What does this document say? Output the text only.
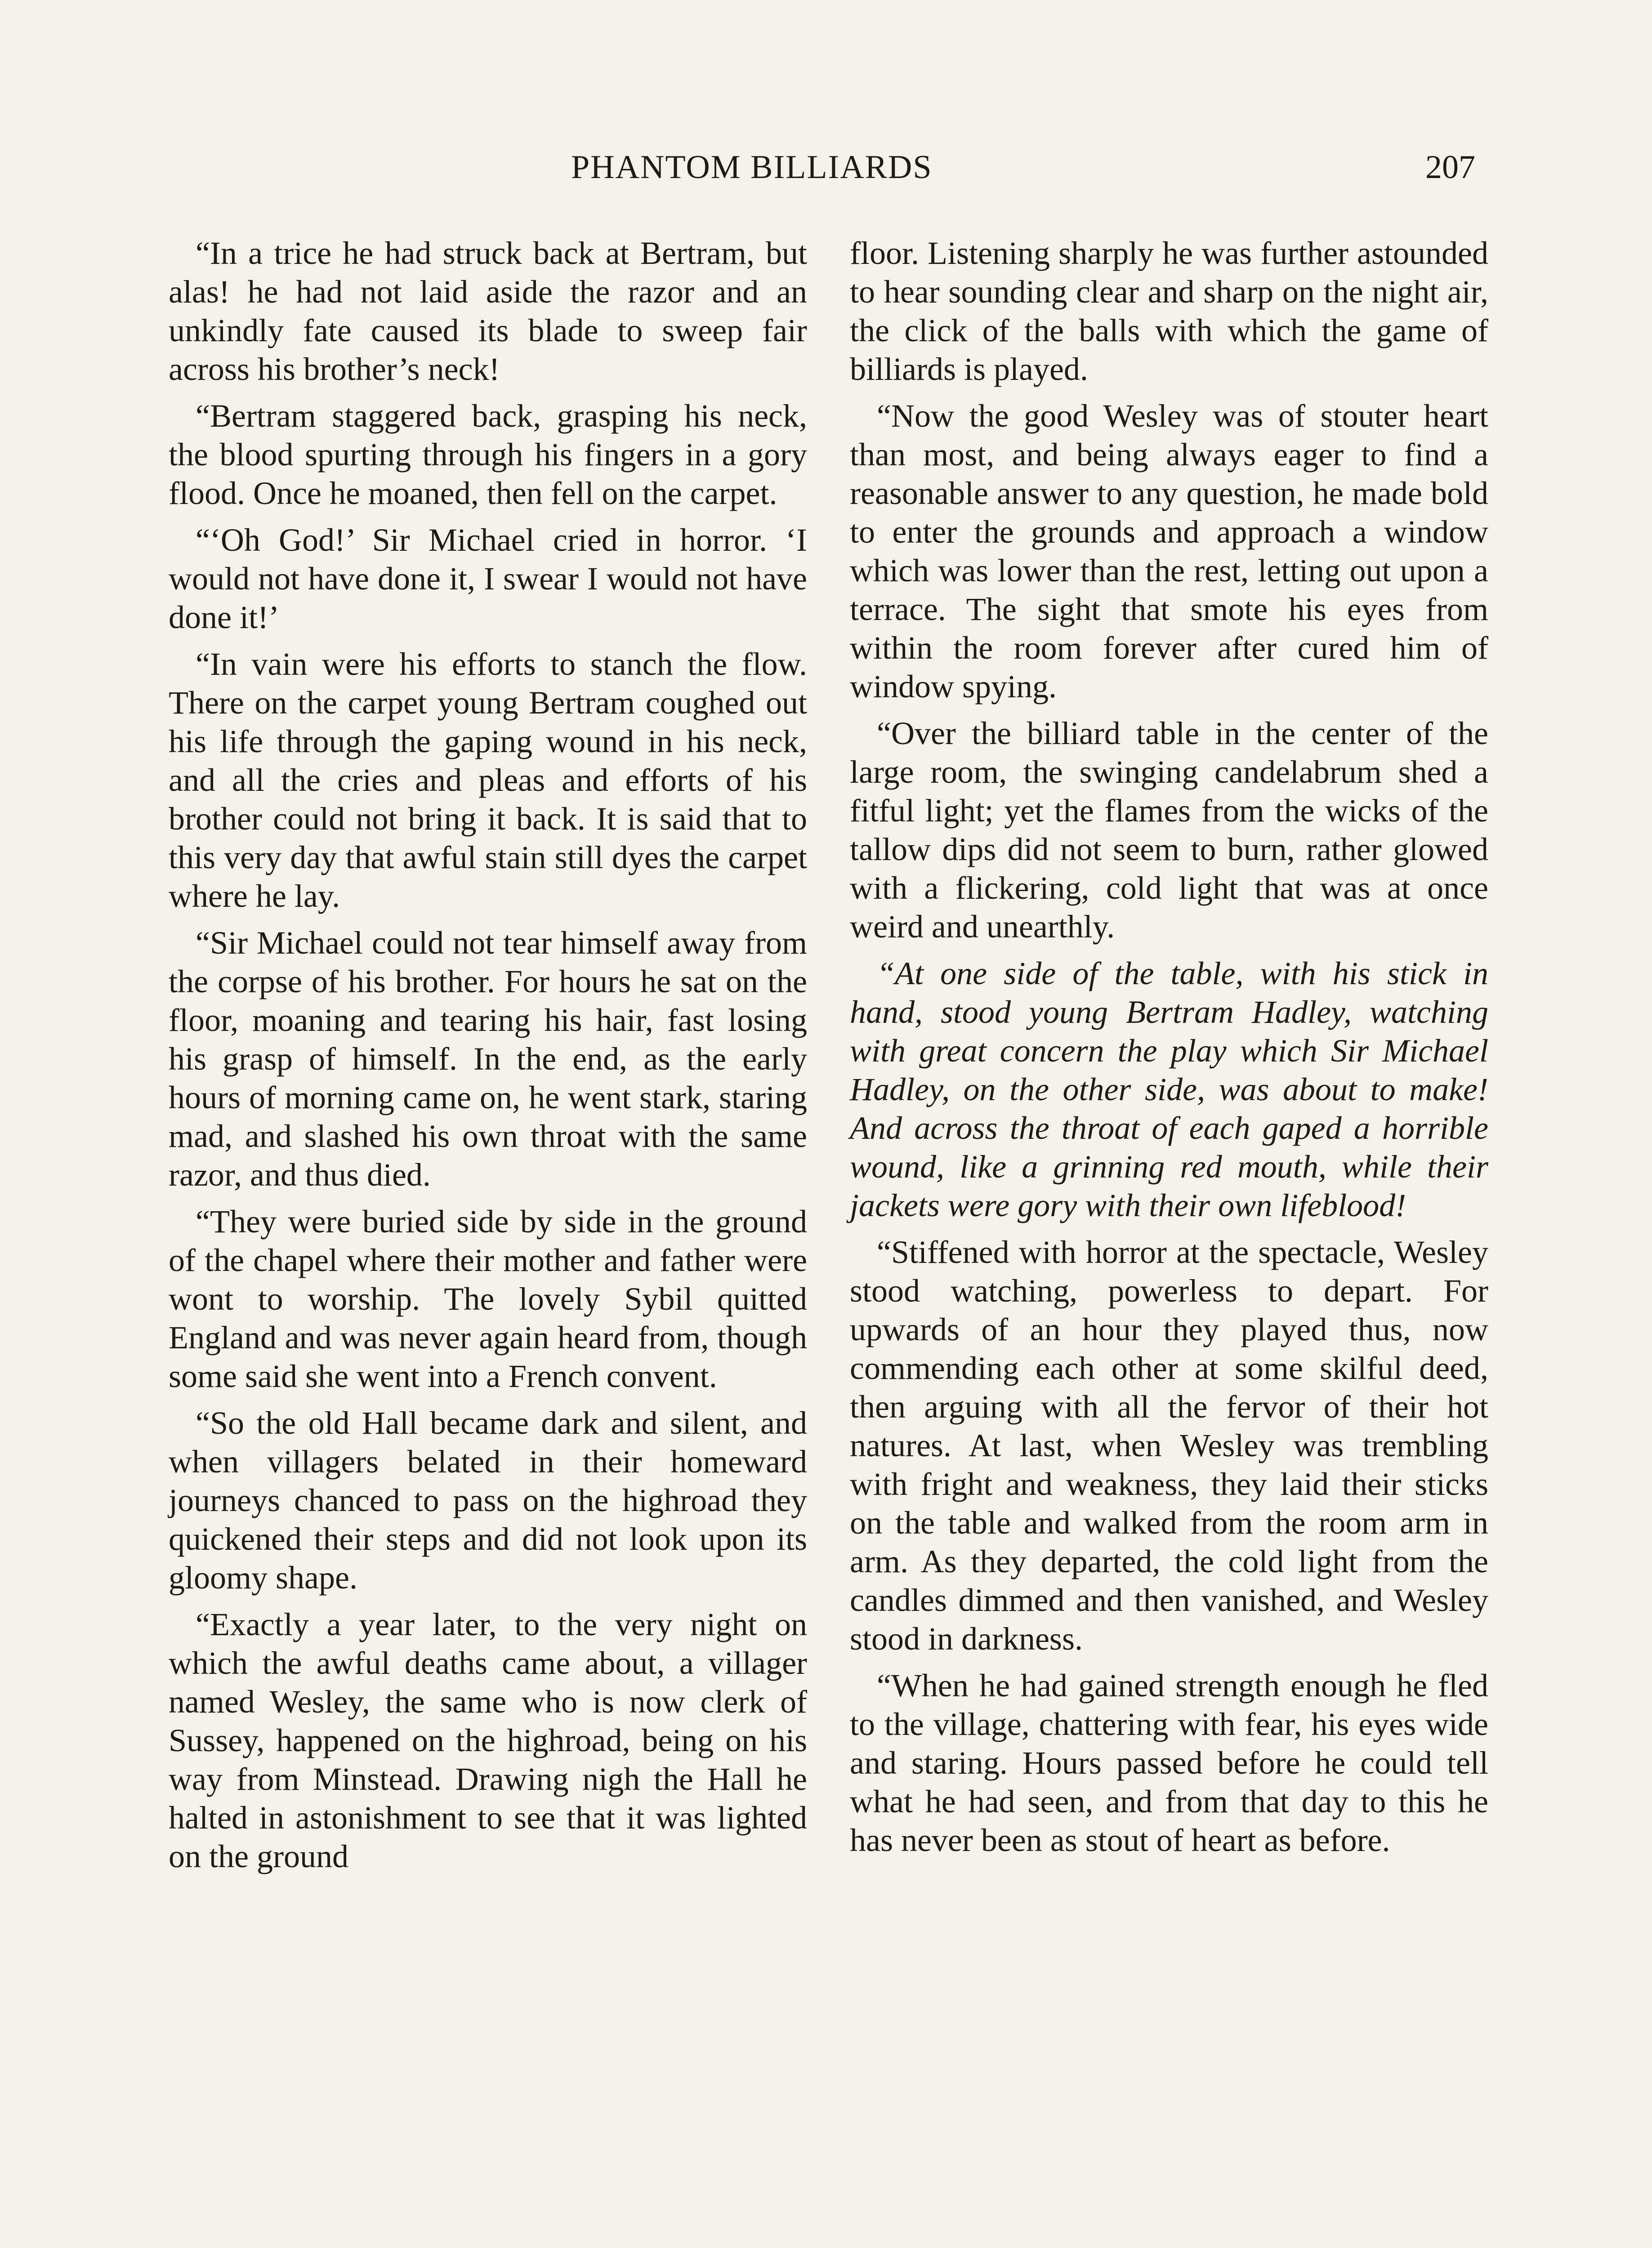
PHANTOM BILLIARDS	207

“In a trice he had struck back at Bertram, but alas! he had not laid aside the razor and an unkindly fate caused its blade to sweep fair across his brother’s neck!

“Bertram staggered back, grasping his neck, the blood spurting through his fingers in a gory flood. Once he moaned, then fell on the carpet.

“‘Oh God!’ Sir Michael cried in horror. ‘I would not have done it, I swear I would not have done it!’

“In vain were his efforts to stanch the flow. There on the carpet young Bertram coughed out his life through the gaping wound in his neck, and all the cries and pleas and efforts of his brother could not bring it back. It is said that to this very day that awful stain still dyes the carpet where he lay.

“Sir Michael could not tear himself away from the corpse of his brother. For hours he sat on the floor, moaning and tearing his hair, fast losing his grasp of himself. In the end, as the early hours of morning came on, he went stark, staring mad, and slashed his own throat with the same razor, and thus died.

“They were buried side by side in the ground of the chapel where their mother and father were wont to worship. The lovely Sybil quitted England and was never again heard from, though some said she went into a French convent.

“So the old Hall became dark and silent, and when villagers belated in their homeward journeys chanced to pass on the highroad they quickened their steps and did not look upon its gloomy shape.

“Exactly a year later, to the very night on which the awful deaths came about, a villager named Wesley, the same who is now clerk of Sussey, happened on the highroad, being on his way from Minstead. Drawing nigh the Hall he halted in astonishment to see that it was lighted on the ground

floor. Listening sharply he was further astounded to hear sounding clear and sharp on the night air, the click of the balls with which the game of billiards is played.

“Now the good Wesley was of stouter heart than most, and being always eager to find a reasonable answer to any question, he made bold to enter the grounds and approach a window which was lower than the rest, letting out upon a terrace. The sight that smote his eyes from within the room forever after cured him of window spying.

“Over the billiard table in the center of the large room, the swinging candelabrum shed a fitful light; yet the flames from the wicks of the tallow dips did not seem to burn, rather glowed with a flickering, cold light that was at once weird and unearthly.

“At one side of the table, with his stick in hand, stood young Bertram Hadley, watching with great concern the play which Sir Michael Hadley, on the other side, was about to make! And across the throat of each gaped a horrible wound, like a grinning red mouth, while their jackets were gory with their own lifeblood!

“Stiffened with horror at the spectacle, Wesley stood watching, powerless to depart. For upwards of an hour they played thus, now commending each other at some skilful deed, then arguing with all the fervor of their hot natures. At last, when Wesley was trembling with fright and weakness, they laid their sticks on the table and walked from the room arm in arm. As they departed, the cold light from the candles dimmed and then vanished, and Wesley stood in darkness.

“When he had gained strength enough he fled to the village, chattering with fear, his eyes wide and staring. Hours passed before he could tell what he had seen, and from that day to this he has never been as stout of heart as before.
